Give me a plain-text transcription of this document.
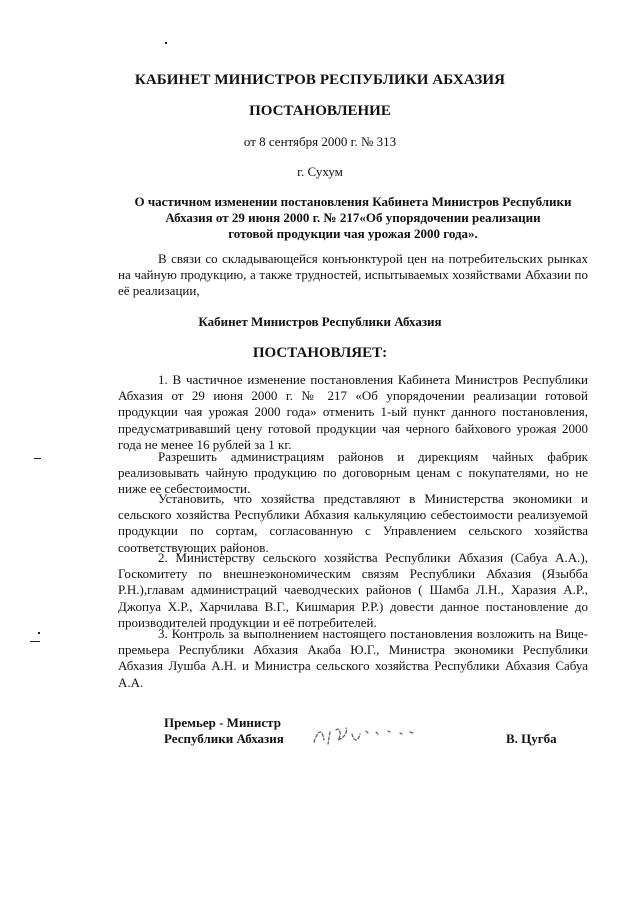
КАБИНЕТ МИНИСТРОВ РЕСПУБЛИКИ АБХАЗИЯ
ПОСТАНОВЛЕНИЕ
от 8 сентября 2000 г. № 313
г. Сухум
О частичном изменении постановления Кабинета Министров Республики
Абхазия от 29 июня 2000 г. № 217«Об упорядочении реализации
готовой продукции чая урожая 2000 года».
В связи со складывающейся конъюнктурой цен на потребительских рынках на чайную продукцию, а также трудностей, испытываемых хозяйствами Абхазии по её реализации,
Кабинет Министров Республики Абхазия
ПОСТАНОВЛЯЕТ:
1. В частичное изменение постановления Кабинета Министров Республики Абхазия от 29 июня 2000 г. № 217 «Об упорядочении реализации готовой продукции чая урожая 2000 года» отменить 1-ый пункт данного постановления, предусматривавший цену готовой продукции чая черного байхового урожая 2000 года не менее 16 рублей за 1 кг.
Разрешить администрациям районов и дирекциям чайных фабрик реализовывать чайную продукцию по договорным ценам с покупателями, но не ниже ее себестоимости.
Установить, что хозяйства представляют в Министерства экономики и сельского хозяйства Республики Абхазия калькуляцию себестоимости реализуемой продукции по сортам, согласованную с Управлением сельского хозяйства соответствующих районов.
2. Министерству сельского хозяйства Республики Абхазия (Сабуа А.А.), Госкомитету по внешнеэкономическим связям Республики Абхазия (Языбба Р.Н.),главам администраций чаеводческих районов ( Шамба Л.Н., Харазия А.Р., Джопуа Х.Р., Харчилава В.Г., Кишмария Р.Р.) довести данное постановление до производителей продукции и её потребителей.
3. Контроль за выполнением настоящего постановления возложить на Вице-премьера Республики Абхазия Акаба Ю.Г., Министра экономики Республики Абхазия Лушба А.Н. и Министра сельского хозяйства Республики Абхазия Сабуа А.А.
Премьер - Министр
Республики Абхазия	В. Цугба
